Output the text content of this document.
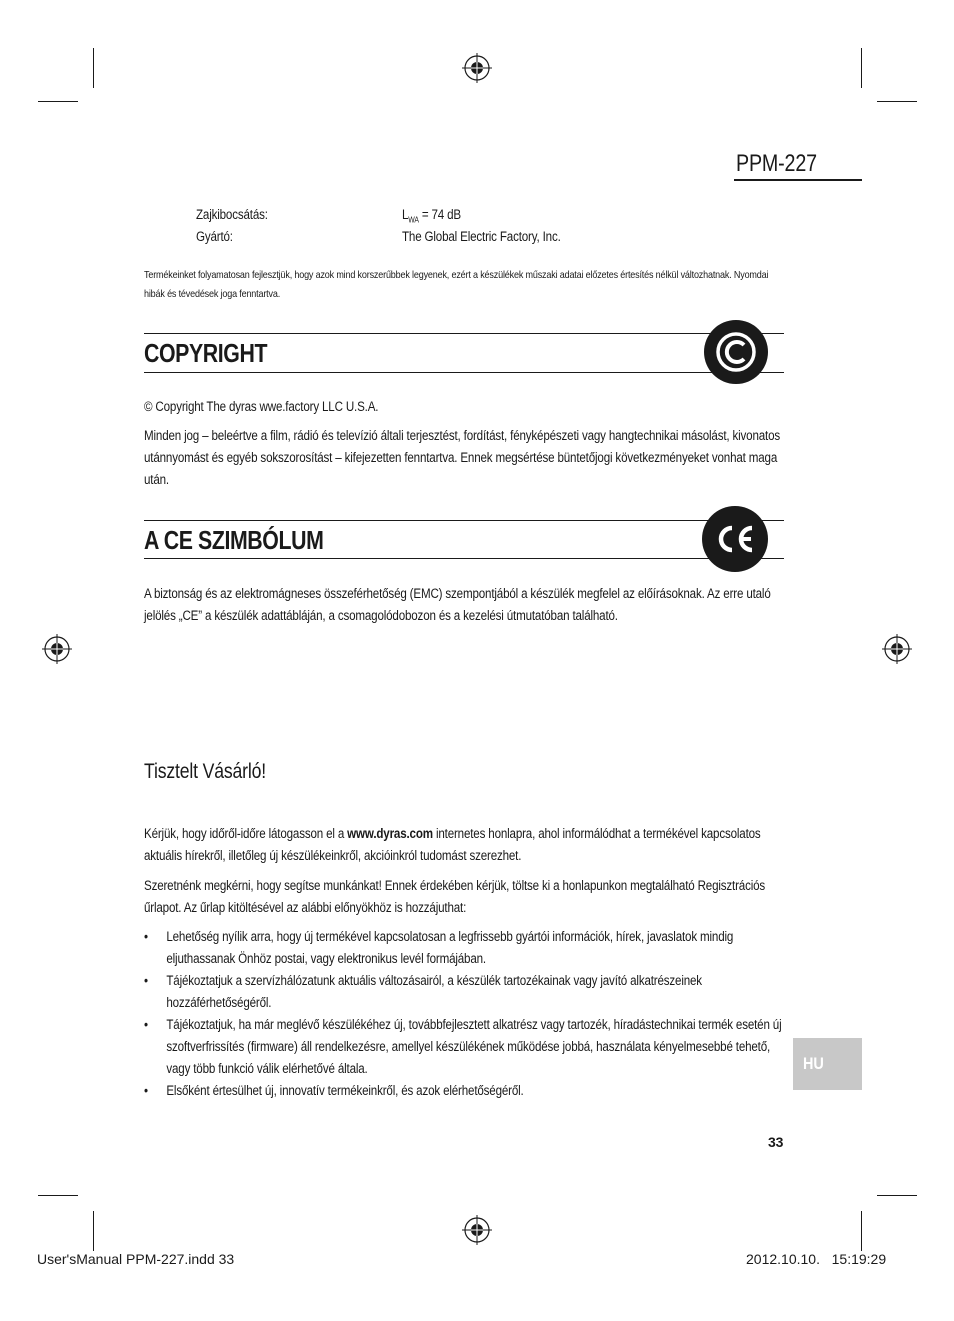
PPM-227
Zajkibocsátás:	$L_{WA} = 74$ dB
Gyártó:	The Global Electric Factory, Inc.
Termékeinket folyamatosan fejlesztjük, hogy azok mind korszerűbbek legyenek, ezért a készülékek műszaki adatai előzetes értesítés nélkül változhatnak. Nyomdai hibák és tévedések joga fenntartva.
COPYRIGHT
© Copyright The dyras wwe.factory LLC U.S.A.
Minden jog – beleértve a film, rádió és televízió általi terjesztést, fordítást, fényképészeti vagy hangtechnikai másolást, kivonatos utánnyomást és egyéb sokszorosítást – kifejezetten fenntartva. Ennek megsértése büntetőjogi következményeket vonhat maga után.
A CE SZIMBÓLUM
A biztonság és az elektromágneses összeférhetőség (EMC) szempontjából a készülék megfelel az előírásoknak. Az erre utaló jelölés „CE” a készülék adattábláján, a csomagolódobozon és a kezelési útmutatóban található.
Tisztelt Vásárló!
Kérjük, hogy időről-időre látogasson el a www.dyras.com internetes honlapra, ahol informálódhat a termékével kapcsolatos aktuális hírekről, illetőleg új készülékeinkről, akcióinkról tudomást szerezhet.
Szeretnénk megkérni, hogy segítse munkánkat! Ennek érdekében kérjük, töltse ki a honlapunkon megtalálható Regisztrációs űrlapot. Az űrlap kitöltésével az alábbi előnyökhöz is hozzájuthat:
• Lehetőség nyílik arra, hogy új termékével kapcsolatosan a legfrissebb gyártói információk, hírek, javaslatok mindig eljuthassanak Önhöz postai, vagy elektronikus levél formájában.
• Tájékoztatjuk a szervízhálózatunk aktuális változásairól, a készülék tartozékainak vagy javító alkatrészeinek hozzáférhetőségéről.
• Tájékoztatjuk, ha már meglévő készülékéhez új, továbbfejlesztett alkatrész vagy tartozék, híradástechnikai termék esetén új szoftverfrissítés (firmware) áll rendelkezésre, amellyel készülékének működése jobbá, használata kényelmesebbé tehető, vagy több funkció válik elérhetővé általa.
• Elsőként értesülhet új, innovatív termékeinkről, és azok elérhetőségéről.
HU
33
User'sManual PPM-227.indd 33	2012.10.10.   15:19:29
